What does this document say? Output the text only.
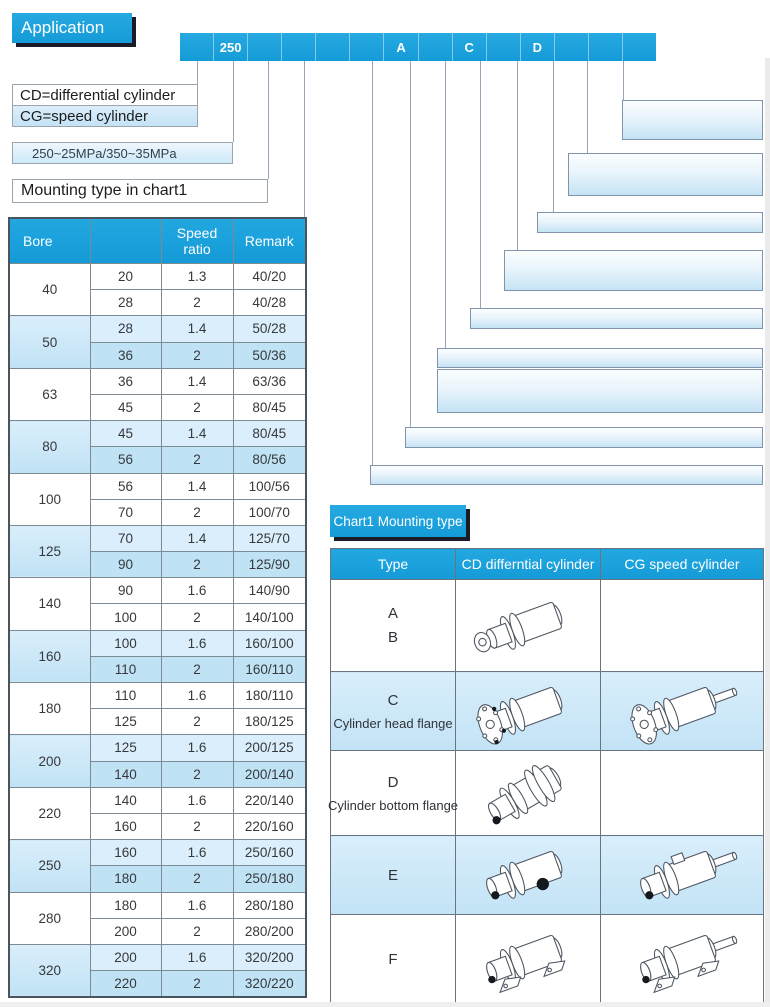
Application
250	A	C	D
CD=differential cylinder
CG=speed cylinder
250~25MPa/350~35MPa
Mounting type in chart1
Bore		Speed ratio	Remark
40	20	1.3	40/20
	28	2	40/28
50	28	1.4	50/28
	36	2	50/36
63	36	1.4	63/36
	45	2	80/45
80	45	1.4	80/45
	56	2	80/56
100	56	1.4	100/56
	70	2	100/70
125	70	1.4	125/70
	90	2	125/90
140	90	1.6	140/90
	100	2	140/100
160	100	1.6	160/100
	110	2	160/110
180	110	1.6	180/110
	125	2	180/125
200	125	1.6	200/125
	140	2	200/140
220	140	1.6	220/140
	160	2	220/160
250	160	1.6	250/160
	180	2	250/180
280	180	1.6	280/180
	200	2	280/200
320	200	1.6	320/200
	220	2	320/220
Chart1 Mounting type
Type	CD differntial cylinder	CG speed cylinder

A
B

C
Cylinder head flange

D
Cylinder bottom flange

E

F
